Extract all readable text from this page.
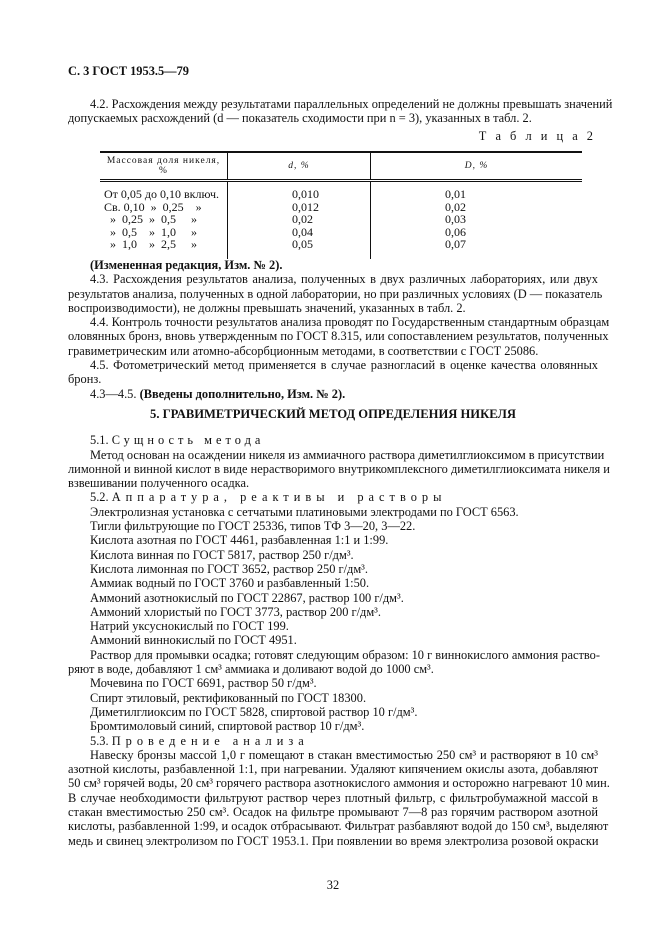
С. 3 ГОСТ 1953.5—79
4.2. Расхождения между результатами параллельных определений не должны превышать значений
допускаемых расхождений (d — показатель сходимости при n = 3), указанных в табл. 2.
Т а б л и ц а 2
Массовая доля никеля, %	d, %	D, %
От 0,05 до 0,10 включ.	0,010	0,01
Св. 0,10  »  0,25    »	0,012	0,02
»  0,25  »  0,5     »	0,02	0,03
»  0,5    »  1,0     »	0,04	0,06
»  1,0    »  2,5     »	0,05	0,07
(Измененная редакция, Изм. № 2).
4.3. Расхождения результатов анализа, полученных в двух различных лабораториях, или двух
результатов анализа, полученных в одной лаборатории, но при различных условиях (D — показатель
воспроизводимости), не должны превышать значений, указанных в табл. 2.
4.4. Контроль точности результатов анализа проводят по Государственным стандартным образцам
оловянных бронз, вновь утвержденным по ГОСТ 8.315, или сопоставлением результатов, полученных
гравиметрическим или атомно-абсорбционным методами, в соответствии с ГОСТ 25086.
4.5. Фотометрический метод применяется в случае разногласий в оценке качества оловянных
бронз.
4.3—4.5. (Введены дополнительно, Изм. № 2).
5. ГРАВИМЕТРИЧЕСКИЙ МЕТОД ОПРЕДЕЛЕНИЯ НИКЕЛЯ
5.1. Сущность метода
Метод основан на осаждении никеля из аммиачного раствора диметилглиоксимом в присутствии
лимонной и винной кислот в виде нерастворимого внутрикомплексного диметилглиоксимата никеля и
взвешивании полученного осадка.
5.2. Аппаратура, реактивы и растворы
Электролизная установка с сетчатыми платиновыми электродами по ГОСТ 6563.
Тигли фильтрующие по ГОСТ 25336, типов ТФ 3—20, 3—22.
Кислота азотная по ГОСТ 4461, разбавленная 1:1 и 1:99.
Кислота винная по ГОСТ 5817, раствор 250 г/дм³.
Кислота лимонная по ГОСТ 3652, раствор 250 г/дм³.
Аммиак водный по ГОСТ 3760 и разбавленный 1:50.
Аммоний азотнокислый по ГОСТ 22867, раствор 100 г/дм³.
Аммоний хлористый по ГОСТ 3773, раствор 200 г/дм³.
Натрий уксуснокислый по ГОСТ 199.
Аммоний виннокислый по ГОСТ 4951.
Раствор для промывки осадка; готовят следующим образом: 10 г виннокислого аммония раство-
ряют в воде, добавляют 1 см³ аммиака и доливают водой до 1000 см³.
Мочевина по ГОСТ 6691, раствор 50 г/дм³.
Спирт этиловый, ректификованный по ГОСТ 18300.
Диметилглиоксим по ГОСТ 5828, спиртовой раствор 10 г/дм³.
Бромтимоловый синий, спиртовой раствор 10 г/дм³.
5.3. Проведение анализа
Навеску бронзы массой 1,0 г помещают в стакан вместимостью 250 см³ и растворяют в 10 см³
азотной кислоты, разбавленной 1:1, при нагревании. Удаляют кипячением окислы азота, добавляют
50 см³ горячей воды, 20 см³ горячего раствора азотнокислого аммония и осторожно нагревают 10 мин.
В случае необходимости фильтруют раствор через плотный фильтр, с фильтробумажной массой в
стакан вместимостью 250 см³. Осадок на фильтре промывают 7—8 раз горячим раствором азотной
кислоты, разбавленной 1:99, и осадок отбрасывают. Фильтрат разбавляют водой до 150 см³, выделяют
медь и свинец электролизом по ГОСТ 1953.1. При появлении во время электролиза розовой окраски
32
